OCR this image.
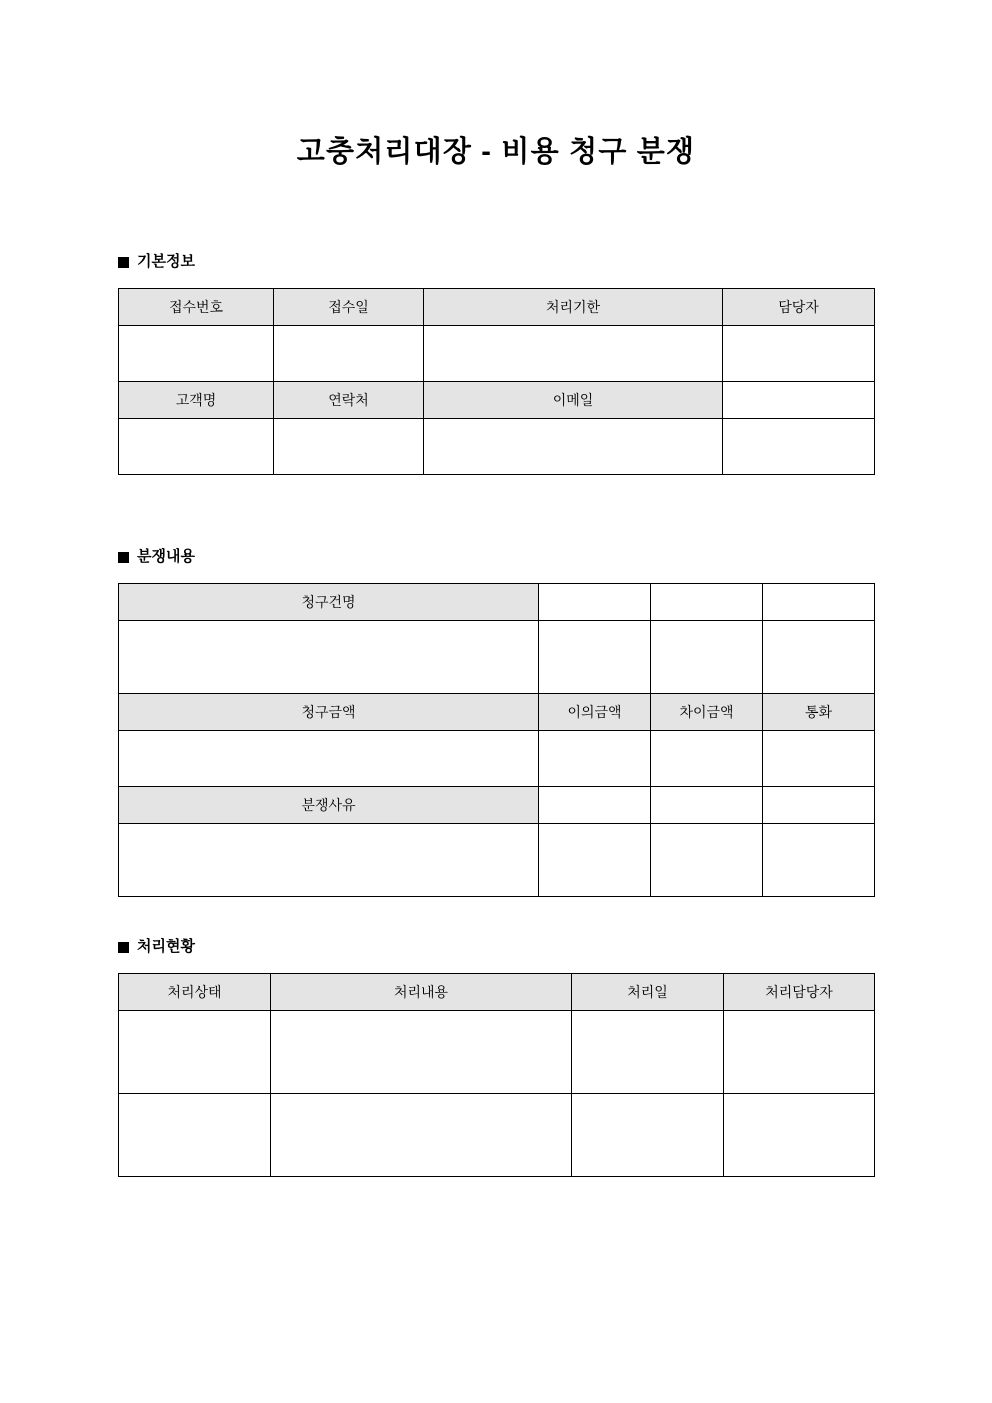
고충처리대장 - 비용 청구 분쟁
기본정보
접수번호	접수일	처리기한	담당자

고객명	연락처	이메일	

분쟁내용
청구건명			

청구금액	이의금액	차이금액	통화

분쟁사유			

처리현황
처리상태	처리내용	처리일	처리담당자
